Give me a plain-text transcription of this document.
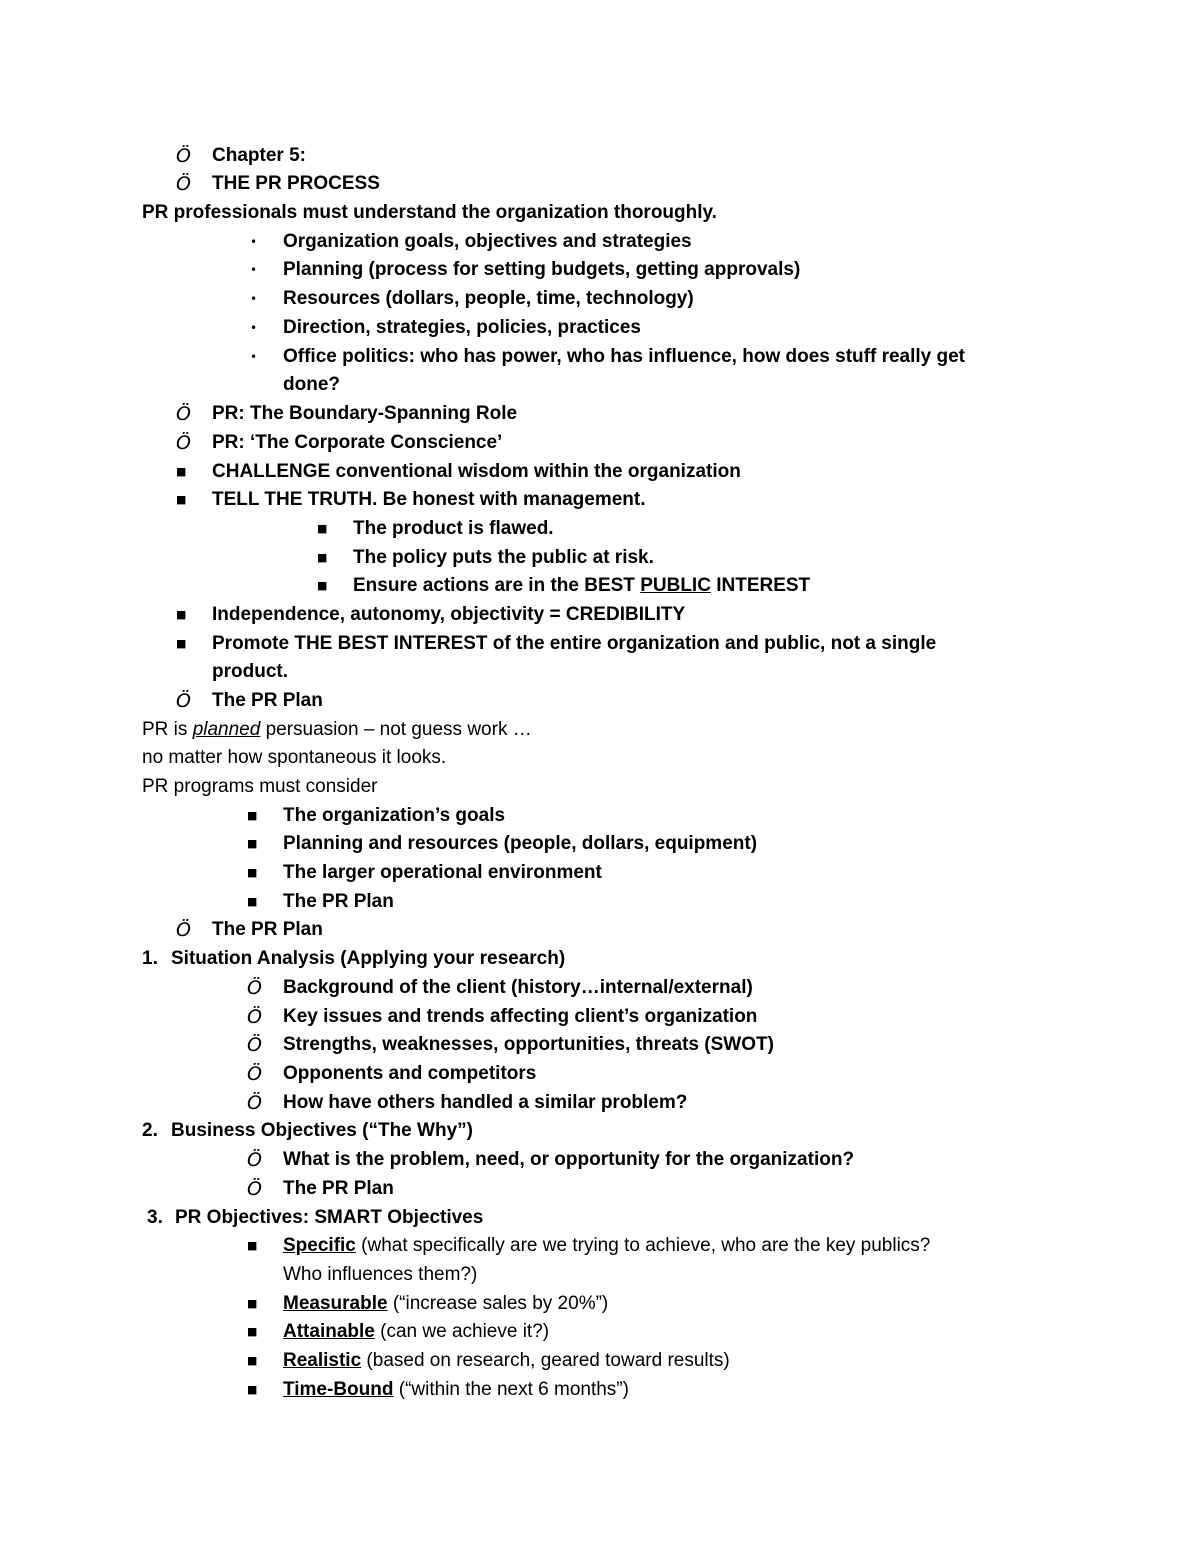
Ö Chapter 5:
Ö THE PR PROCESS
PR professionals must understand the organization thoroughly.
•	Organization goals, objectives and strategies
•	Planning (process for setting budgets, getting approvals)
•	Resources (dollars, people, time, technology)
•	Direction, strategies, policies, practices
•	Office politics: who has power, who has influence, how does stuff really get
done?
Ö PR: The Boundary-Spanning Role
Ö PR: ‘The Corporate Conscience’
■	CHALLENGE conventional wisdom within the organization
■	TELL THE TRUTH. Be honest with management.
■	The product is flawed.
■	The policy puts the public at risk.
■	Ensure actions are in the BEST PUBLIC INTEREST
■	Independence, autonomy, objectivity = CREDIBILITY
■	Promote THE BEST INTEREST of the entire organization and public, not a single
product.
Ö The PR Plan
PR is planned persuasion – not guess work …
no matter how spontaneous it looks.
PR programs must consider
■	The organization’s goals
■	Planning and resources (people, dollars, equipment)
■	The larger operational environment
■	The PR Plan
Ö The PR Plan
1. Situation Analysis (Applying your research)
Ö Background of the client (history…internal/external)
Ö Key issues and trends affecting client’s organization
Ö Strengths, weaknesses, opportunities, threats (SWOT)
Ö Opponents and competitors
Ö How have others handled a similar problem?
2. Business Objectives (“The Why”)
Ö What is the problem, need, or opportunity for the organization?
Ö The PR Plan
3. PR Objectives: SMART Objectives
■	Specific (what specifically are we trying to achieve, who are the key publics?
Who influences them?)
■	Measurable (“increase sales by 20%”)
■	Attainable (can we achieve it?)
■	Realistic (based on research, geared toward results)
■	Time-Bound (“within the next 6 months”)
